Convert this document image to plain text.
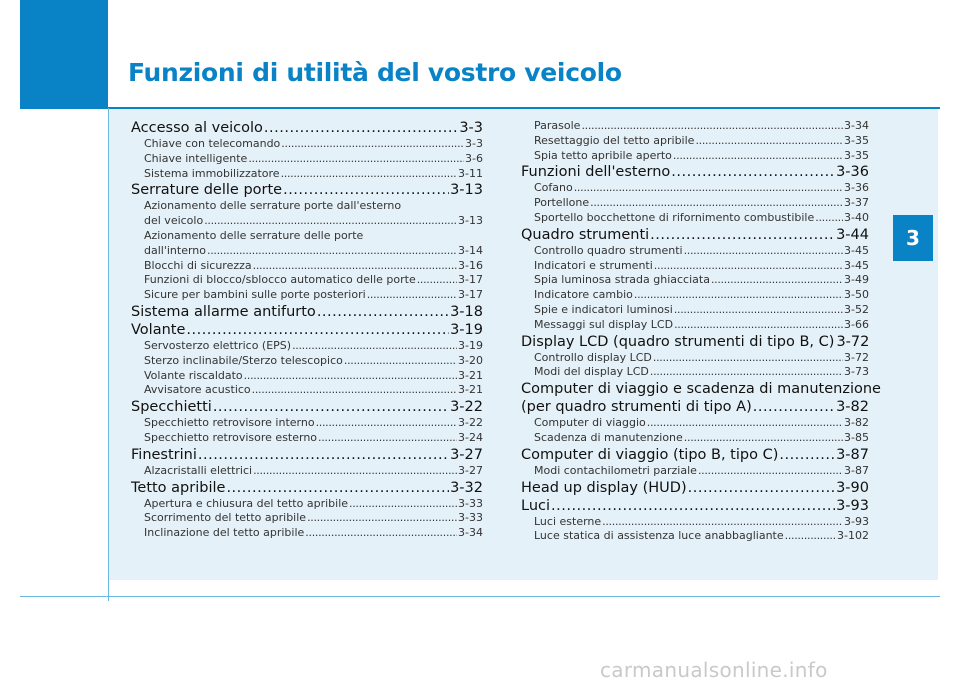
Funzioni di utilità del vostro veicolo
3
Accesso al veicolo .....	3-3
Chiave con telecomando .....	3-3
Chiave intelligente .....	3-6
Sistema immobilizzatore .....	3-11
Serrature delle porte .....	3-13
Azionamento delle serrature porte dall'esterno
del veicolo .....	3-13
Azionamento delle serrature delle porte
dall'interno .....	3-14
Blocchi di sicurezza .....	3-16
Funzioni di blocco/sblocco automatico delle porte .....	3-17
Sicure per bambini sulle porte posteriori .....	3-17
Sistema allarme antifurto .....	3-18
Volante .....	3-19
Servosterzo elettrico (EPS) .....	3-19
Sterzo inclinabile/Sterzo telescopico .....	3-20
Volante riscaldato .....	3-21
Avvisatore acustico .....	3-21
Specchietti .....	3-22
Specchietto retrovisore interno .....	3-22
Specchietto retrovisore esterno .....	3-24
Finestrini .....	3-27
Alzacristalli elettrici .....	3-27
Tetto apribile .....	3-32
Apertura e chiusura del tetto apribile .....	3-33
Scorrimento del tetto apribile .....	3-33
Inclinazione del tetto apribile .....	3-34
Parasole .....	3-34
Resettaggio del tetto apribile .....	3-35
Spia tetto apribile aperto .....	3-35
Funzioni dell'esterno .....	3-36
Cofano .....	3-36
Portellone .....	3-37
Sportello bocchettone di rifornimento combustibile .....	3-40
Quadro strumenti .....	3-44
Controllo quadro strumenti .....	3-45
Indicatori e strumenti .....	3-45
Spia luminosa strada ghiacciata .....	3-49
Indicatore cambio .....	3-50
Spie e indicatori luminosi .....	3-52
Messaggi sul display LCD .....	3-66
Display LCD (quadro strumenti di tipo B, C) 3-72
Controllo display LCD .....	3-72
Modi del display LCD .....	3-73
Computer di viaggio e scadenza di manutenzione
(per quadro strumenti di tipo A) .....	3-82
Computer di viaggio .....	3-82
Scadenza di manutenzione .....	3-85
Computer di viaggio (tipo B, tipo C) .....	3-87
Modi contachilometri parziale .....	3-87
Head up display (HUD) .....	3-90
Luci .....	3-93
Luci esterne .....	3-93
Luce statica di assistenza luce anabbagliante .....	3-102
carmanualsonline.info
